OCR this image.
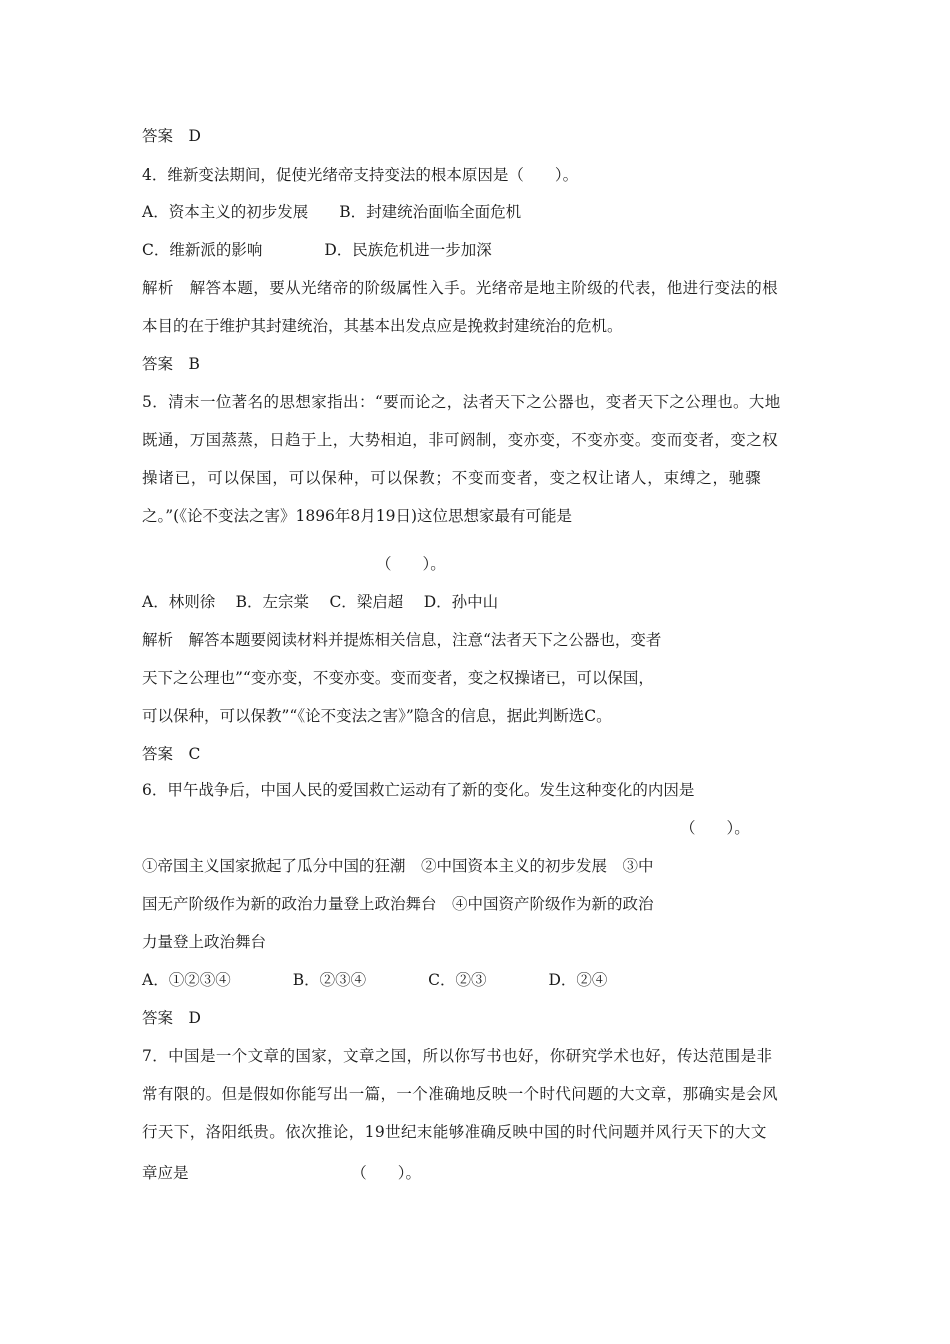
答案　D
4．维新变法期间，促使光绪帝支持变法的根本原因是（　　）。
A．资本主义的初步发展　　B．封建统治面临全面危机
C．维新派的影响　　　　D．民族危机进一步加深
解析　解答本题，要从光绪帝的阶级属性入手。光绪帝是地主阶级的代表，他进行变法的根
本目的在于维护其封建统治，其基本出发点应是挽救封建统治的危机。
答案　B
5．清末一位著名的思想家指出：“要而论之，法者天下之公器也，变者天下之公理也。大地
既通，万国蒸蒸，日趋于上，大势相迫，非可阏制，变亦变，不变亦变。变而变者，变之权
操诸已，可以保国，可以保种，可以保教；不变而变者，变之权让诸人，束缚之，驰骤
之。”(《论不变法之害》1896年8月19日)这位思想家最有可能是
（　　）。
A．林则徐　 B．左宗棠　 C．梁启超　 D．孙中山
解析　解答本题要阅读材料并提炼相关信息，注意“法者天下之公器也，变者
天下之公理也”“变亦变，不变亦变。变而变者，变之权操诸已，可以保国，
可以保种，可以保教”“《论不变法之害》”隐含的信息，据此判断选C。
答案　C
6．甲午战争后，中国人民的爱国救亡运动有了新的变化。发生这种变化的内因是
（　　）。
①帝国主义国家掀起了瓜分中国的狂潮　②中国资本主义的初步发展　③中
国无产阶级作为新的政治力量登上政治舞台　④中国资产阶级作为新的政治
力量登上政治舞台
A．①②③④　　　　B．②③④　　　　C．②③　　　　D．②④
答案　D
7．中国是一个文章的国家，文章之国，所以你写书也好，你研究学术也好，传达范围是非
常有限的。但是假如你能写出一篇，一个准确地反映一个时代问题的大文章，那确实是会风
行天下，洛阳纸贵。依次推论，19世纪末能够准确反映中国的时代问题并风行天下的大文
章应是　　　　　　　　　　　（　　）。
